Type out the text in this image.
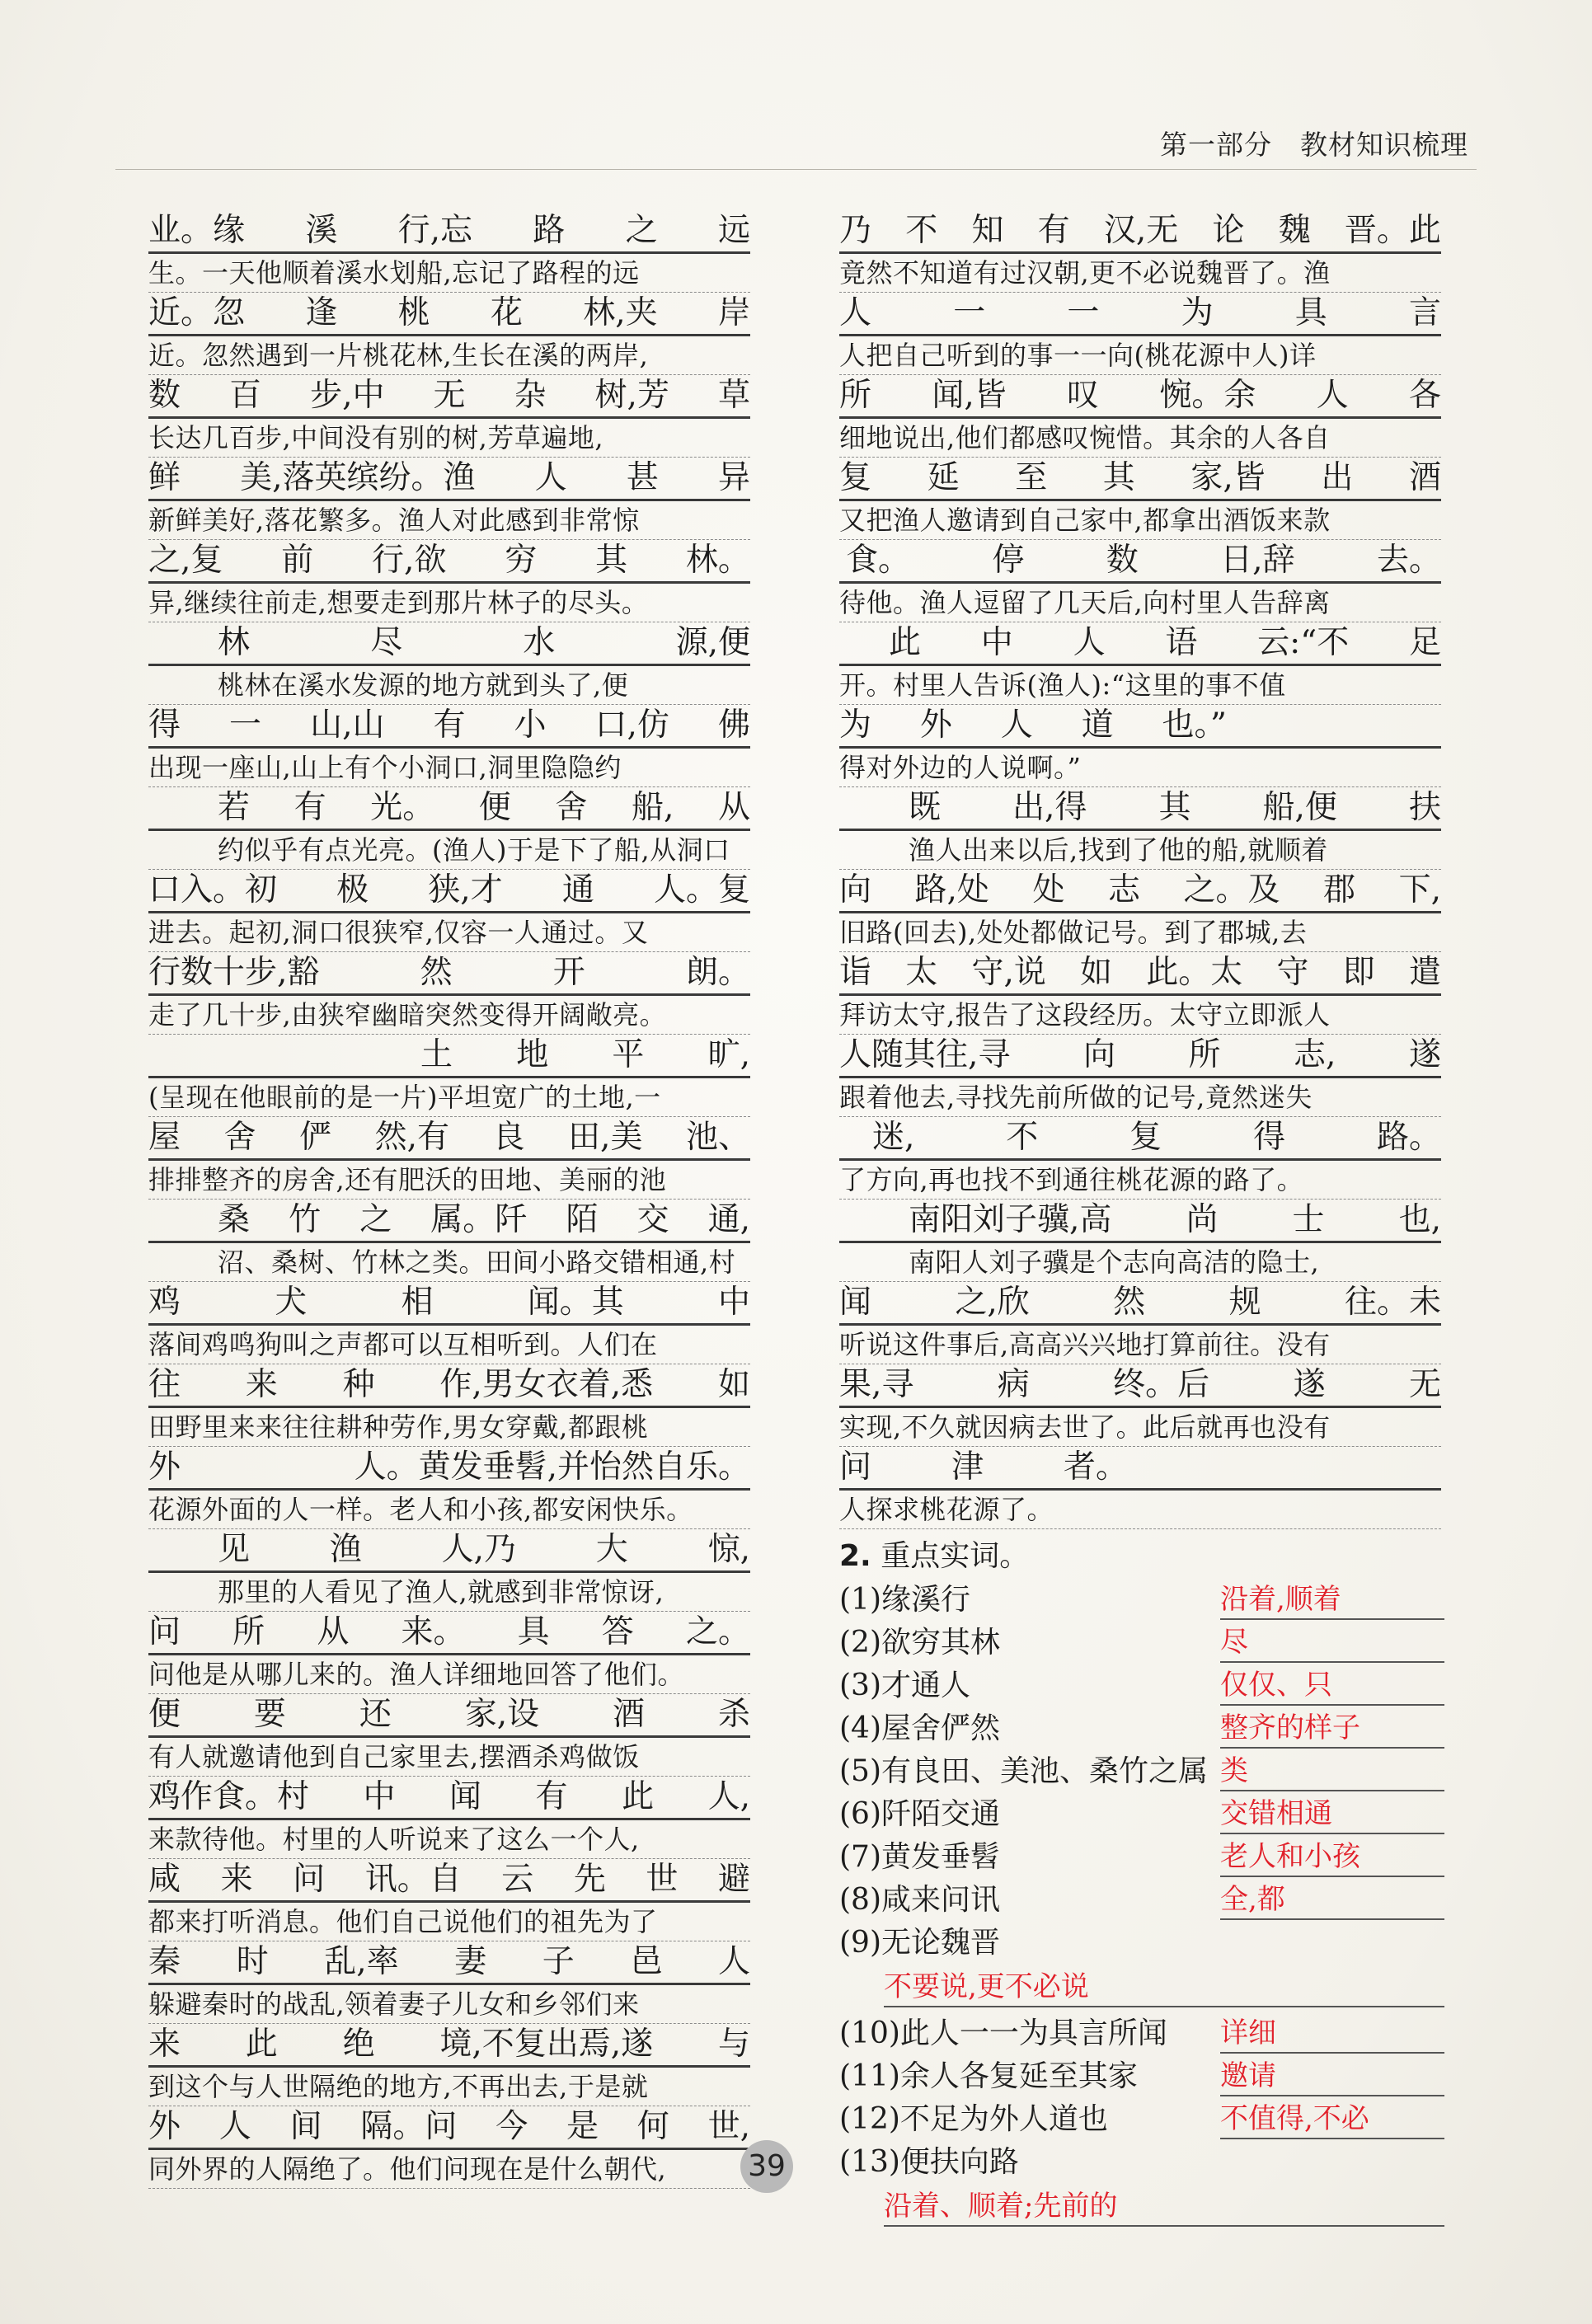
第一部分　教材知识梳理
业。缘 溪 行,忘 路 之 远
生。一天他顺着溪水划船,忘记了路程的远
近。忽 逢 桃 花 林,夹 岸
近。忽然遇到一片桃花林,生长在溪的两岸,
数 百 步,中 无 杂 树,芳 草
长达几百步,中间没有别的树,芳草遍地,
鲜 美,落英缤纷。渔 人 甚 异
新鲜美好,落花繁多。渔人对此感到非常惊
之,复 前 行,欲 穷 其 林。
异,继续往前走,想要走到那片林子的尽头。
林	尽	水	源,便
桃林在溪水发源的地方就到头了,便
得 一 山,山 有 小 口,仿 佛
出现一座山,山上有个小洞口,洞里隐隐约
若 有 光。 便 舍 船, 从
约似乎有点光亮。(渔人)于是下了船,从洞口
口入。初 极 狭,才 通 人。复
进去。起初,洞口很狭窄,仅容一人通过。又
行数十步,豁	然	开	朗。
走了几十步,由狭窄幽暗突然变得开阔敞亮。
土 地 平 旷,
(呈现在他眼前的是一片)平坦宽广的土地,一
屋 舍 俨 然,有 良 田,美 池、
排排整齐的房舍,还有肥沃的田地、美丽的池
桑 竹 之 属。阡 陌 交 通,
沼、桑树、竹林之类。田间小路交错相通,村
鸡	犬	相	闻。其	中
落间鸡鸣狗叫之声都可以互相听到。人们在
往 来 种 作,男女衣着,悉 如
田野里来来往往耕种劳作,男女穿戴,都跟桃
外	人。黄发垂髫,并怡然自乐。
花源外面的人一样。老人和小孩,都安闲快乐。
见 渔 人,乃 大 惊,
那里的人看见了渔人,就感到非常惊讶,
问 所 从 来。 具 答 之。
问他是从哪儿来的。渔人详细地回答了他们。
便 要 还 家,设 酒 杀
有人就邀请他到自己家里去,摆酒杀鸡做饭
鸡作食。村 中 闻 有 此 人,
来款待他。村里的人听说来了这么一个人,
咸 来 问 讯。自 云 先 世 避
都来打听消息。他们自己说他们的祖先为了
秦 时 乱,率 妻 子 邑 人
躲避秦时的战乱,领着妻子儿女和乡邻们来
来 此 绝 境,不复出焉,遂 与
到这个与人世隔绝的地方,不再出去,于是就
外 人 间 隔。问 今 是 何 世,
同外界的人隔绝了。他们问现在是什么朝代,
乃 不 知 有 汉,无 论 魏 晋。此
竟然不知道有过汉朝,更不必说魏晋了。渔
人	一	一	为	具	言
人把自己听到的事一一向(桃花源中人)详
所 闻,皆 叹 惋。余 人 各
细地说出,他们都感叹惋惜。其余的人各自
复 延 至 其 家,皆 出 酒
又把渔人邀请到自己家中,都拿出酒饭来款
食。	停	数	日,辞	去。
待他。渔人逗留了几天后,向村里人告辞离
此 中 人 语 云:“不 足
开。村里人告诉(渔人):“这里的事不值
为 外 人 道 也。”
得对外边的人说啊。”
既 出,得 其 船,便 扶
渔人出来以后,找到了他的船,就顺着
向 路,处 处 志 之。及 郡 下,
旧路(回去),处处都做记号。到了郡城,去
诣 太 守,说 如 此。太 守 即 遣
拜访太守,报告了这段经历。太守立即派人
人随其往,寻 向 所 志, 遂
跟着他去,寻找先前所做的记号,竟然迷失
迷,	不	复	得	路。
了方向,再也找不到通往桃花源的路了。
南阳刘子骥,高 尚 士 也,
南阳人刘子骥是个志向高洁的隐士,
闻	之,欣	然	规	往。未
听说这件事后,高高兴兴地打算前往。没有
果,寻	病	终。后	遂	无
实现,不久就因病去世了。此后就再也没有
问 津 者。
人探求桃花源了。
2. 重点实词。
(1)缘溪行	沿着,顺着
(2)欲穷其林	尽
(3)才通人	仅仅、只
(4)屋舍俨然	整齐的样子
(5)有良田、美池、桑竹之属 类
(6)阡陌交通	交错相通
(7)黄发垂髫	老人和小孩
(8)咸来问讯	全,都
(9)无论魏晋
不要说,更不必说
(10)此人一一为具言所闻 详细
(11)余人各复延至其家	邀请
(12)不足为外人道也	不值得,不必
(13)便扶向路
沿着、顺着;先前的
39
